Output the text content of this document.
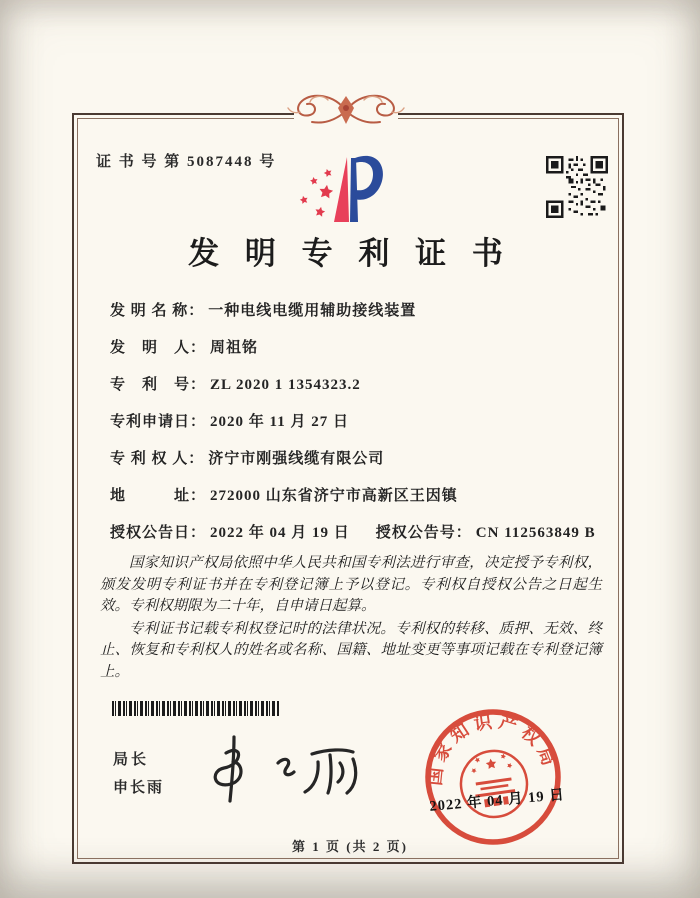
证 书 号 第 5087448 号
发 明 专 利 证 书
发 明 名 称： 一种电线电缆用辅助接线装置
发　明　人： 周祖铭
专　利　号： ZL 2020 1 1354323.2
专利申请日： 2020 年 11 月 27 日
专 利 权 人： 济宁市刚强线缆有限公司
地　　　址： 272000 山东省济宁市高新区王因镇
授权公告日： 2022 年 04 月 19 日 授权公告号： CN 112563849 B

国家知识产权局依照中华人民共和国专利法进行审查，决定授予专利权，颁发发明专利证书并在专利登记簿上予以登记。专利权自授权公告之日起生效。专利权期限为二十年，自申请日起算。

专利证书记载专利权登记时的法律状况。专利权的转移、质押、无效、终止、恢复和专利权人的姓名或名称、国籍、地址变更等事项记载在专利登记簿上。

局长
申长雨
国家知识产权局
2022 年 04 月 19 日
第 1 页 (共 2 页)
